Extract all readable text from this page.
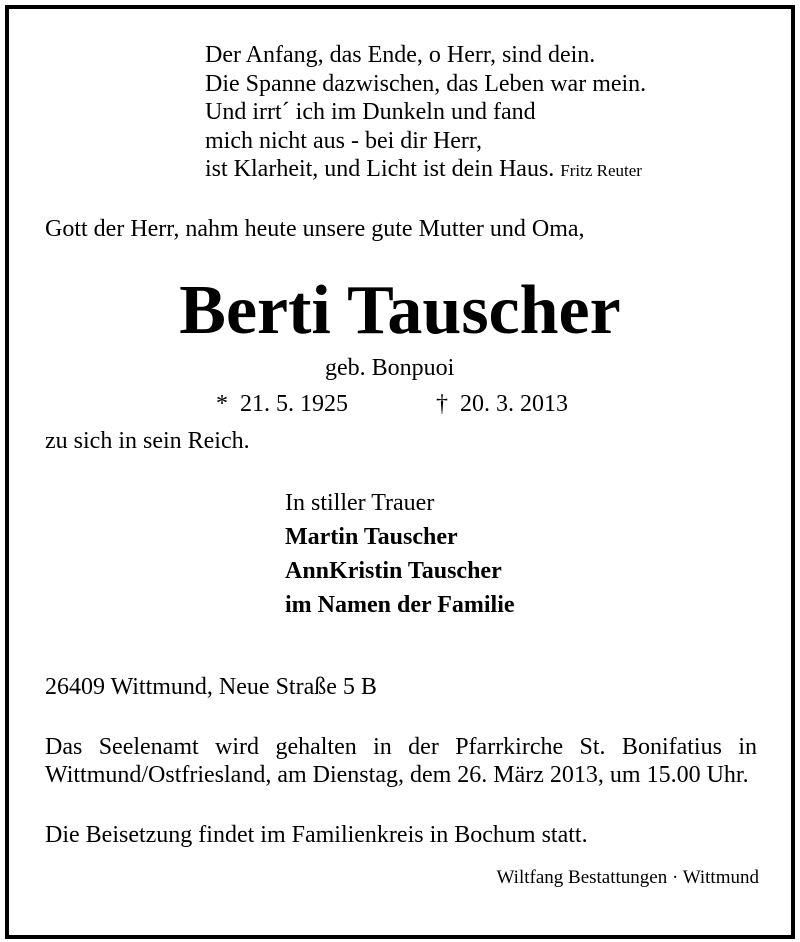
Der Anfang, das Ende, o Herr, sind dein.
Die Spanne dazwischen, das Leben war mein.
Und irrt´ ich im Dunkeln und fand
mich nicht aus - bei dir Herr,
ist Klarheit, und Licht ist dein Haus. Fritz Reuter
Gott der Herr, nahm heute unsere gute Mutter und Oma,
Berti Tauscher
geb. Bonpuoi
* 21. 5. 1925	† 20. 3. 2013
zu sich in sein Reich.
In stiller Trauer
Martin Tauscher
AnnKristin Tauscher
im Namen der Familie
26409 Wittmund, Neue Straße 5 B
Das Seelenamt wird gehalten in der Pfarrkirche St. Bonifatius in Wittmund/Ostfriesland, am Dienstag, dem 26. März 2013, um 15.00 Uhr.
Die Beisetzung findet im Familienkreis in Bochum statt.
Wiltfang Bestattungen · Wittmund
